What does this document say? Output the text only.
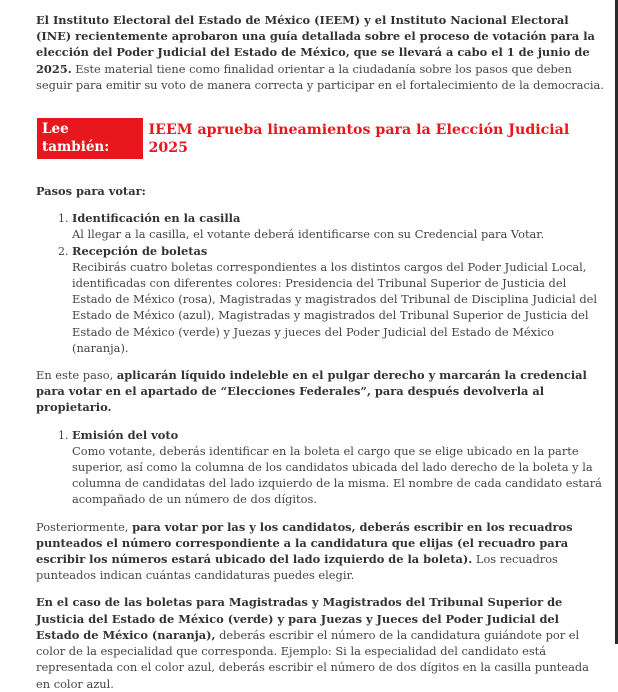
El Instituto Electoral del Estado de México (IEEM) y el Instituto Nacional Electoral (INE) recientemente aprobaron una guía detallada sobre el proceso de votación para la elección del Poder Judicial del Estado de México, que se llevará a cabo el 1 de junio de 2025. Este material tiene como finalidad orientar a la ciudadanía sobre los pasos que deben seguir para emitir su voto de manera correcta y participar en el fortalecimiento de la democracia.

Lee también:
IEEM aprueba lineamientos para la Elección Judicial 2025

Pasos para votar:

1. Identificación en la casilla
Al llegar a la casilla, el votante deberá identificarse con su Credencial para Votar.
2. Recepción de boletas
Recibirás cuatro boletas correspondientes a los distintos cargos del Poder Judicial Local, identificadas con diferentes colores: Presidencia del Tribunal Superior de Justicia del Estado de México (rosa), Magistradas y magistrados del Tribunal de Disciplina Judicial del Estado de México (azul), Magistradas y magistrados del Tribunal Superior de Justicia del Estado de México (verde) y Juezas y jueces del Poder Judicial del Estado de México (naranja).

En este paso, aplicarán líquido indeleble en el pulgar derecho y marcarán la credencial para votar en el apartado de “Elecciones Federales”, para después devolverla al propietario.

1. Emisión del voto
Como votante, deberás identificar en la boleta el cargo que se elige ubicado en la parte superior, así como la columna de los candidatos ubicada del lado derecho de la boleta y la columna de candidatas del lado izquierdo de la misma. El nombre de cada candidato estará acompañado de un número de dos dígitos.

Posteriormente, para votar por las y los candidatos, deberás escribir en los recuadros punteados el número correspondiente a la candidatura que elijas (el recuadro para escribir los números estará ubicado del lado izquierdo de la boleta). Los recuadros punteados indican cuántas candidaturas puedes elegir.

En el caso de las boletas para Magistradas y Magistrados del Tribunal Superior de Justicia del Estado de México (verde) y para Juezas y Jueces del Poder Judicial del Estado de México (naranja), deberás escribir el número de la candidatura guiándote por el color de la especialidad que corresponda. Ejemplo: Si la especialidad del candidato está representada con el color azul, deberás escribir el número de dos dígitos en la casilla punteada en color azul.
